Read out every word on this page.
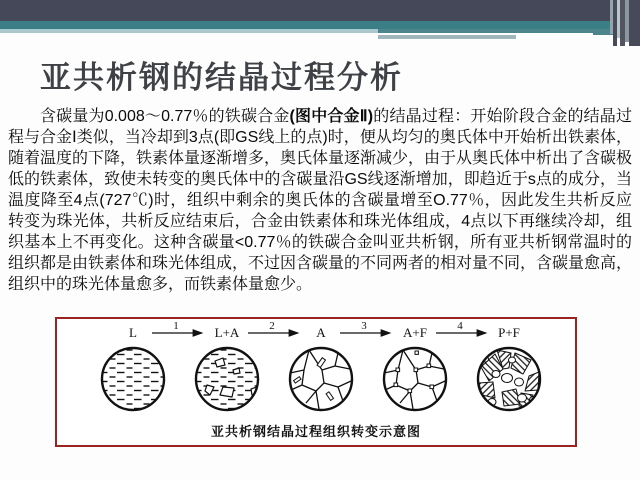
亚共析钢的结晶过程分析

含碳量为0.008～0.77％的铁碳合金(图中合金Ⅱ)的结晶过程：开始阶段合金的结晶过程与合金Ⅰ类似，当冷却到3点(即GS线上的点)时，便从均匀的奥氏体中开始析出铁素体，随着温度的下降，铁素体量逐渐增多，奥氏体量逐渐减少，由于从奥氏体中析出了含碳极低的铁素体，致使未转变的奥氏体中的含碳量沿GS线逐渐增加，即趋近于s点的成分，当温度降至4点(727℃)时，组织中剩余的奥氏体的含碳量增至O.77％，因此发生共析反应转变为珠光体，共析反应结束后，合金由铁素体和珠光体组成，4点以下再继续冷却，组织基本上不再变化。这种含碳量<0.77％的铁碳合金叫亚共析钢，所有亚共析钢常温时的组织都是由铁素体和珠光体组成，不过因含碳量的不同两者的相对量不同，含碳量愈高，组织中的珠光体量愈多，而铁素体量愈少。

L	L+A	A	A+F	P+F
1	2	3	4
亚共析钢结晶过程组织转变示意图
